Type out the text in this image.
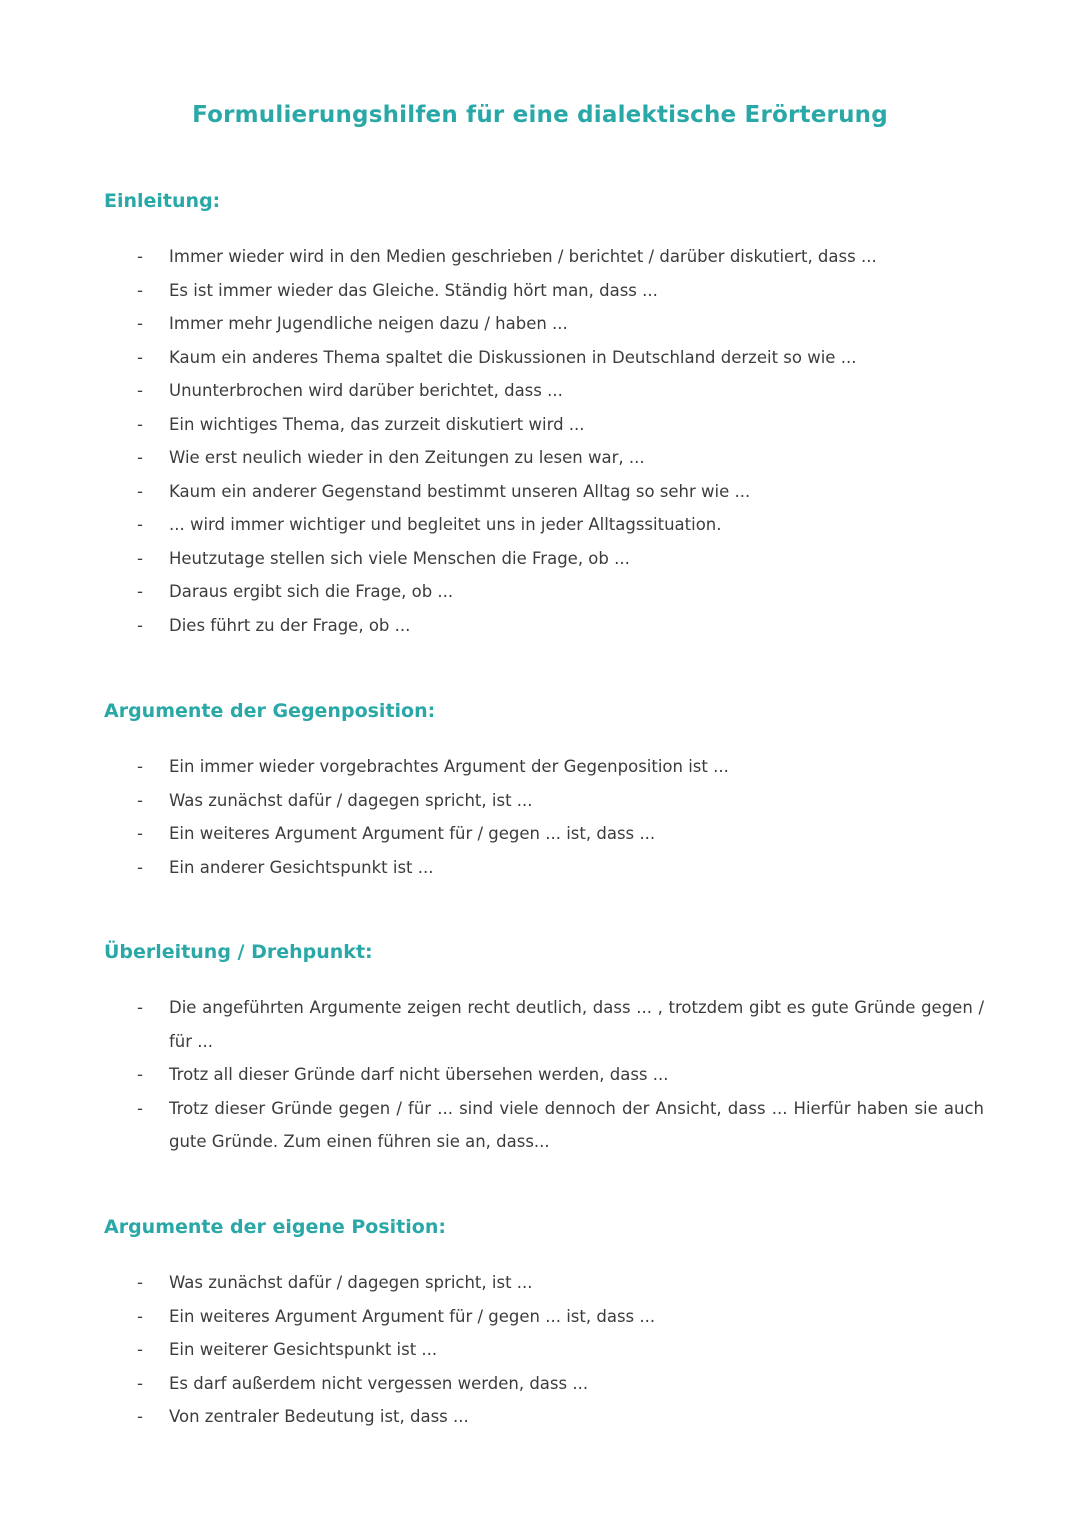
Formulierungshilfen für eine dialektische Erörterung
Einleitung:
- Immer wieder wird in den Medien geschrieben / berichtet / darüber diskutiert, dass ...
- Es ist immer wieder das Gleiche. Ständig hört man, dass ...
- Immer mehr Jugendliche neigen dazu / haben ...
- Kaum ein anderes Thema spaltet die Diskussionen in Deutschland derzeit so wie ...
- Ununterbrochen wird darüber berichtet, dass ...
- Ein wichtiges Thema, das zurzeit diskutiert wird ...
- Wie erst neulich wieder in den Zeitungen zu lesen war, ...
- Kaum ein anderer Gegenstand bestimmt unseren Alltag so sehr wie ...
- ... wird immer wichtiger und begleitet uns in jeder Alltagssituation.
- Heutzutage stellen sich viele Menschen die Frage, ob ...
- Daraus ergibt sich die Frage, ob ...
- Dies führt zu der Frage, ob ...
Argumente der Gegenposition:
- Ein immer wieder vorgebrachtes Argument der Gegenposition ist ...
- Was zunächst dafür / dagegen spricht, ist ...
- Ein weiteres Argument Argument für / gegen ... ist, dass ...
- Ein anderer Gesichtspunkt ist ...
Überleitung / Drehpunkt:
- Die angeführten Argumente zeigen recht deutlich, dass ... , trotzdem gibt es gute Gründe gegen / für ...
- Trotz all dieser Gründe darf nicht übersehen werden, dass ...
- Trotz dieser Gründe gegen / für ... sind viele dennoch der Ansicht, dass ... Hierfür haben sie auch gute Gründe. Zum einen führen sie an, dass...
Argumente der eigene Position:
- Was zunächst dafür / dagegen spricht, ist ...
- Ein weiteres Argument Argument für / gegen ... ist, dass ...
- Ein weiterer Gesichtspunkt ist ...
- Es darf außerdem nicht vergessen werden, dass ...
- Von zentraler Bedeutung ist, dass ...
